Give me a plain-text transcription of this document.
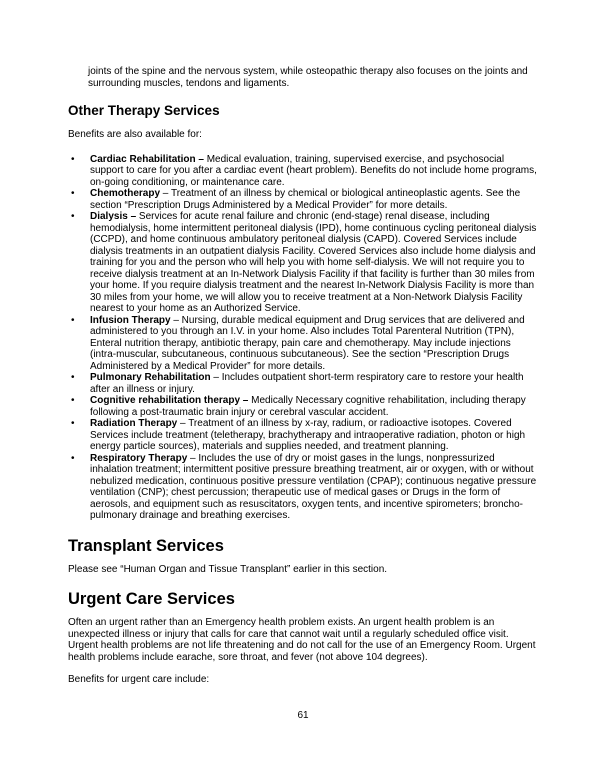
joints of the spine and the nervous system, while osteopathic therapy also focuses on the joints and surrounding muscles, tendons and ligaments.

Other Therapy Services

Benefits are also available for:

• Cardiac Rehabilitation – Medical evaluation, training, supervised exercise, and psychosocial support to care for you after a cardiac event (heart problem). Benefits do not include home programs, on-going conditioning, or maintenance care.
• Chemotherapy – Treatment of an illness by chemical or biological antineoplastic agents. See the section “Prescription Drugs Administered by a Medical Provider” for more details.
• Dialysis – Services for acute renal failure and chronic (end-stage) renal disease, including hemodialysis, home intermittent peritoneal dialysis (IPD), home continuous cycling peritoneal dialysis (CCPD), and home continuous ambulatory peritoneal dialysis (CAPD). Covered Services include dialysis treatments in an outpatient dialysis Facility. Covered Services also include home dialysis and training for you and the person who will help you with home self-dialysis. We will not require you to receive dialysis treatment at an In-Network Dialysis Facility if that facility is further than 30 miles from your home. If you require dialysis treatment and the nearest In-Network Dialysis Facility is more than 30 miles from your home, we will allow you to receive treatment at a Non-Network Dialysis Facility nearest to your home as an Authorized Service.
• Infusion Therapy – Nursing, durable medical equipment and Drug services that are delivered and administered to you through an I.V. in your home. Also includes Total Parenteral Nutrition (TPN), Enteral nutrition therapy, antibiotic therapy, pain care and chemotherapy. May include injections (intra-muscular, subcutaneous, continuous subcutaneous). See the section “Prescription Drugs Administered by a Medical Provider” for more details.
• Pulmonary Rehabilitation – Includes outpatient short-term respiratory care to restore your health after an illness or injury.
• Cognitive rehabilitation therapy – Medically Necessary cognitive rehabilitation, including therapy following a post-traumatic brain injury or cerebral vascular accident.
• Radiation Therapy – Treatment of an illness by x-ray, radium, or radioactive isotopes. Covered Services include treatment (teletherapy, brachytherapy and intraoperative radiation, photon or high energy particle sources), materials and supplies needed, and treatment planning.
• Respiratory Therapy – Includes the use of dry or moist gases in the lungs, nonpressurized inhalation treatment; intermittent positive pressure breathing treatment, air or oxygen, with or without nebulized medication, continuous positive pressure ventilation (CPAP); continuous negative pressure ventilation (CNP); chest percussion; therapeutic use of medical gases or Drugs in the form of aerosols, and equipment such as resuscitators, oxygen tents, and incentive spirometers; broncho-pulmonary drainage and breathing exercises.
Transplant Services

Please see “Human Organ and Tissue Transplant” earlier in this section.

Urgent Care Services

Often an urgent rather than an Emergency health problem exists. An urgent health problem is an unexpected illness or injury that calls for care that cannot wait until a regularly scheduled office visit. Urgent health problems are not life threatening and do not call for the use of an Emergency Room. Urgent health problems include earache, sore throat, and fever (not above 104 degrees).

Benefits for urgent care include:

61
